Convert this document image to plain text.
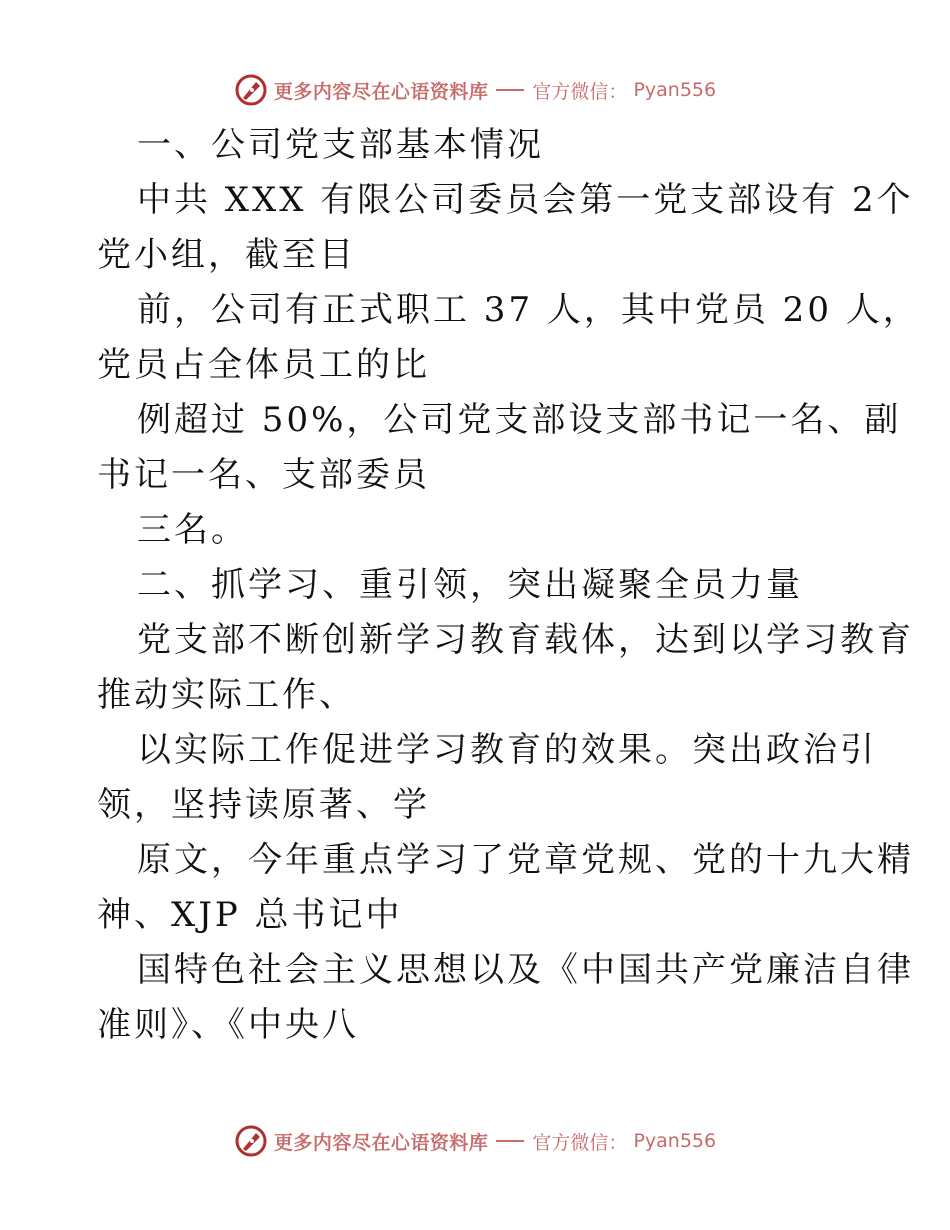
更多内容尽在心语资料库 官方微信： Pyan556
一、公司党支部基本情况
中共 XXX 有限公司委员会第一党支部设有 2个
党小组，截至目
前，公司有正式职工 37 人，其中党员 20 人，
党员占全体员工的比
例超过 50%，公司党支部设支部书记一名、副
书记一名、支部委员
三名。
二、抓学习、重引领，突出凝聚全员力量
党支部不断创新学习教育载体，达到以学习教育
推动实际工作、
以实际工作促进学习教育的效果。突出政治引
领，坚持读原著、学
原文，今年重点学习了党章党规、党的十九大精
神、XJP 总书记中
国特色社会主义思想以及《中国共产党廉洁自律
准则》、《中央八
更多内容尽在心语资料库 官方微信： Pyan556
